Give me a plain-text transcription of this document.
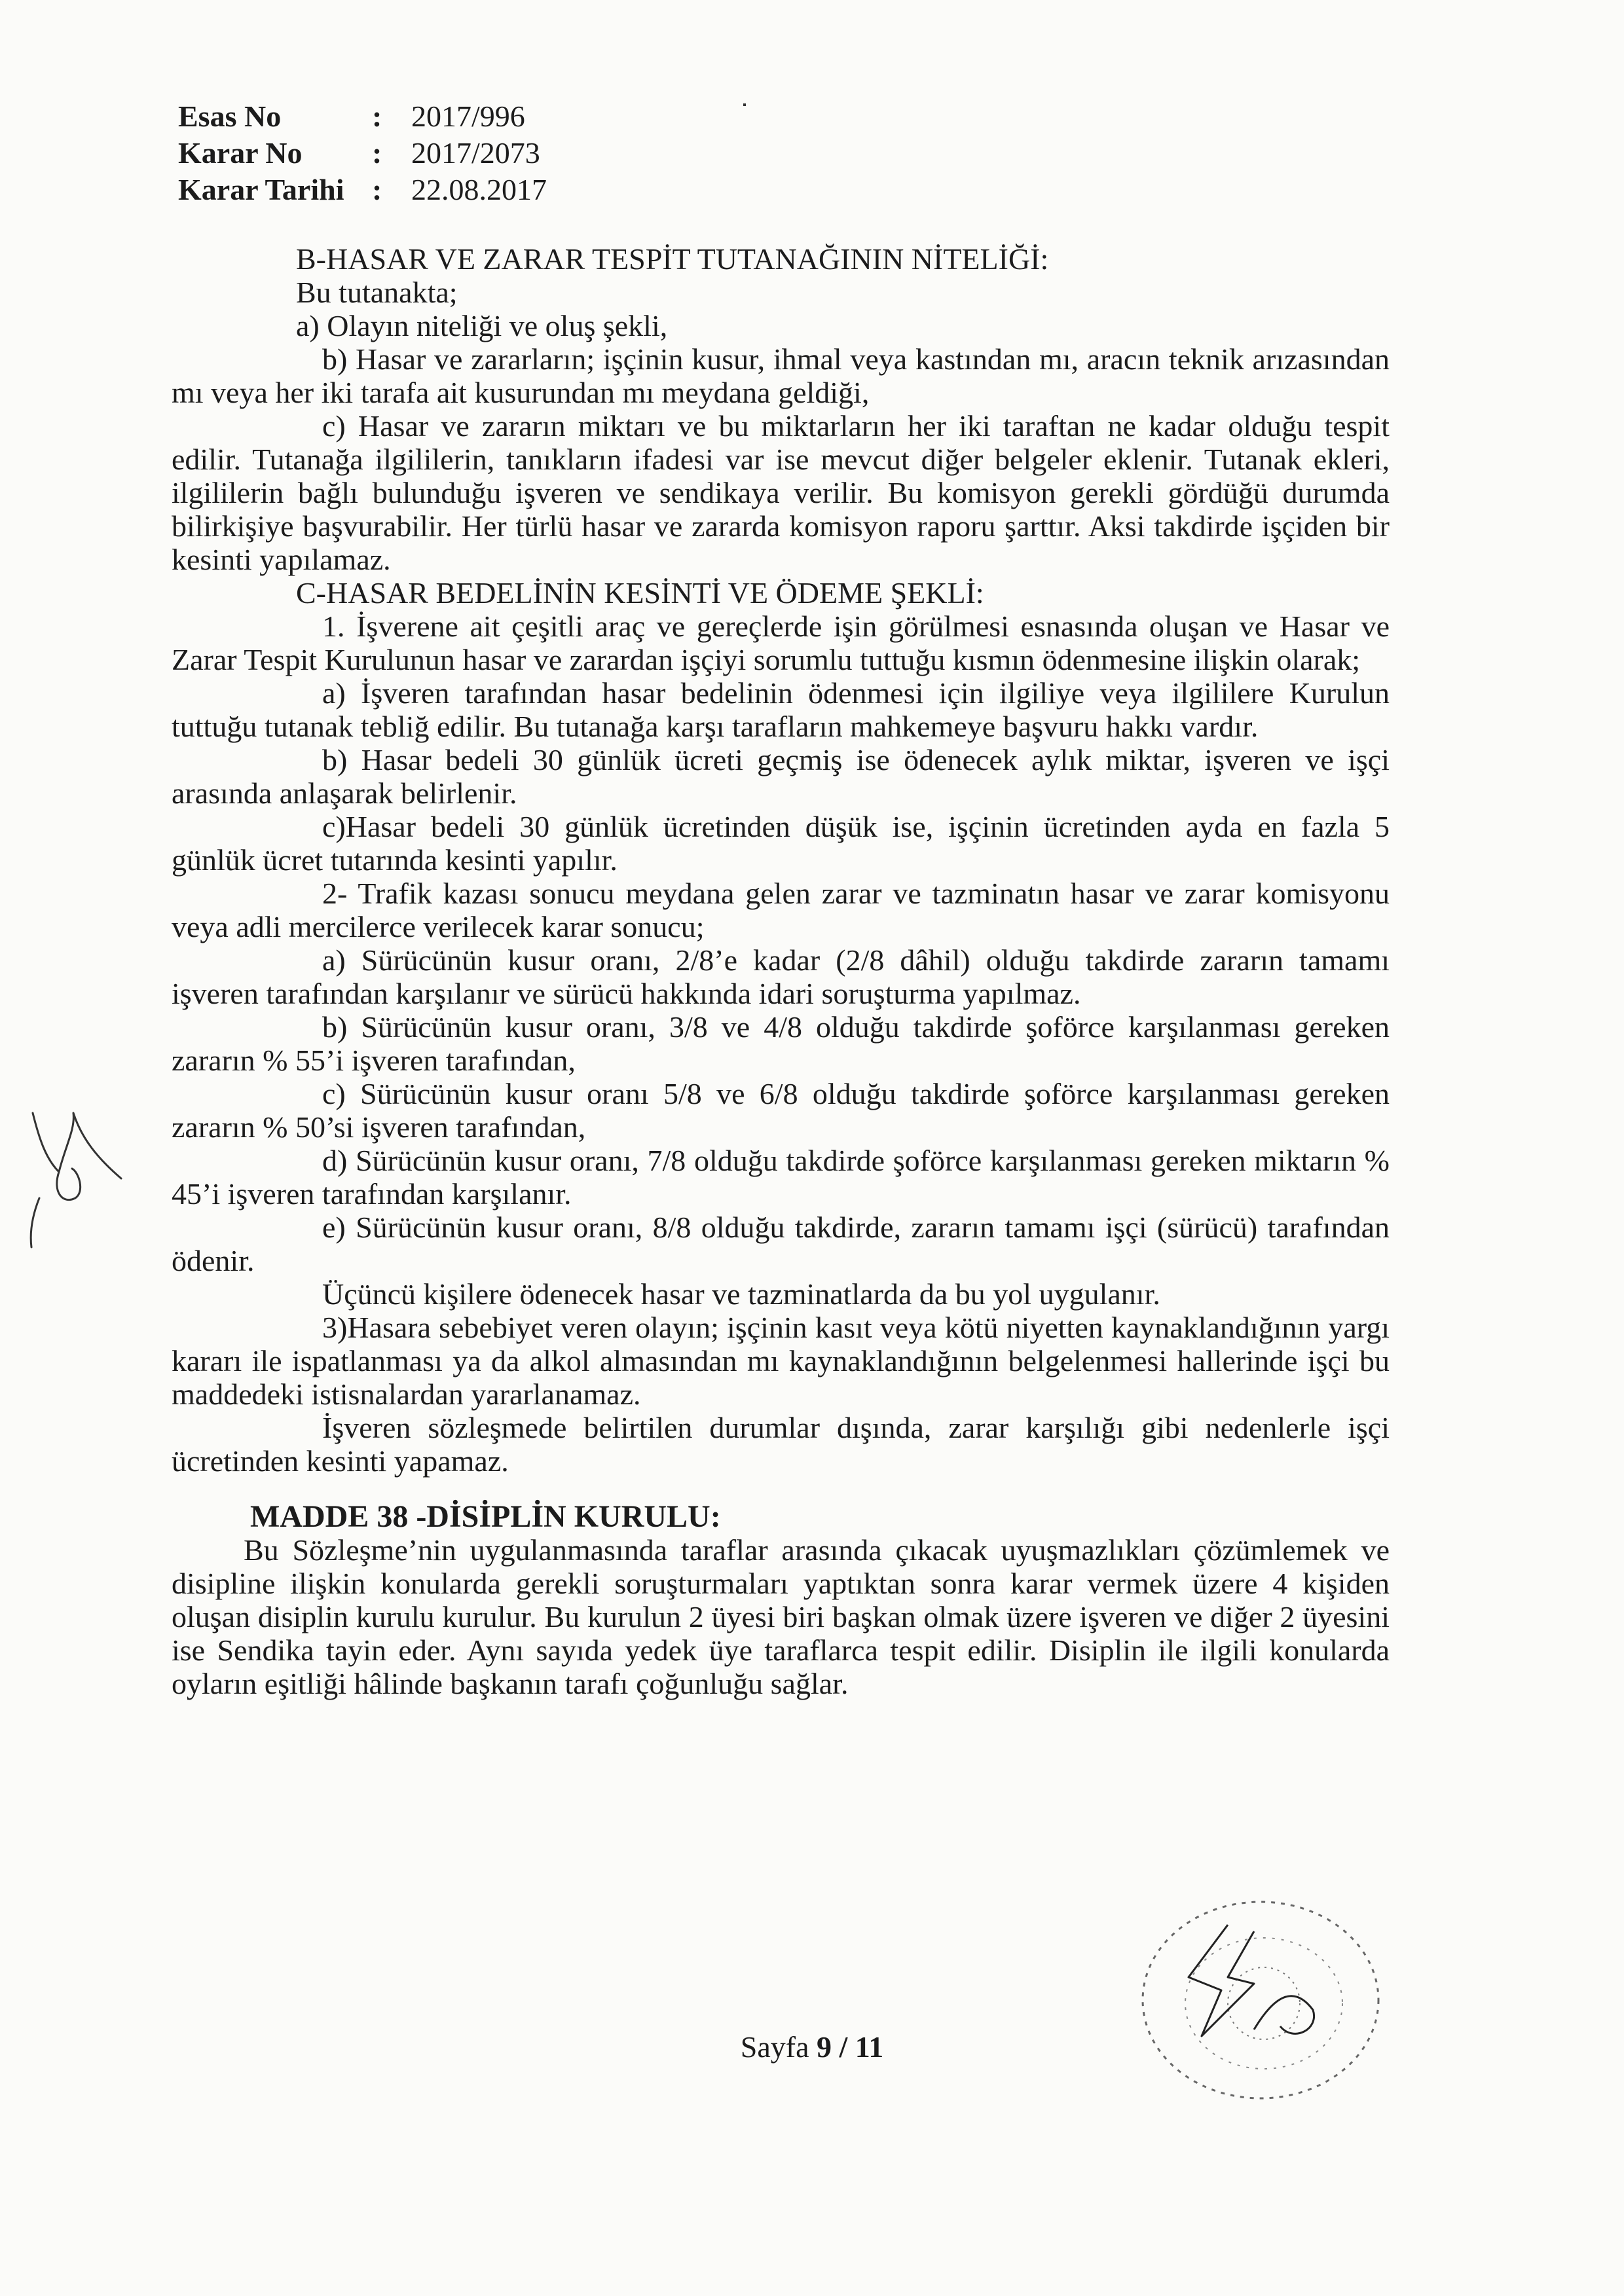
Esas No	: 2017/996
Karar No	: 2017/2073
Karar Tarihi : 22.08.2017

B-HASAR VE ZARAR TESPİT TUTANAĞININ NİTELİĞİ:

Bu tutanakta;

a) Olayın niteliği ve oluş şekli,

b) Hasar ve zararların; işçinin kusur, ihmal veya kastından mı, aracın teknik arızasından mı veya her iki tarafa ait kusurundan mı meydana geldiği,

c) Hasar ve zararın miktarı ve bu miktarların her iki taraftan ne kadar olduğu tespit edilir. Tutanağa ilgililerin, tanıkların ifadesi var ise mevcut diğer belgeler eklenir. Tutanak ekleri, ilgililerin bağlı bulunduğu işveren ve sendikaya verilir. Bu komisyon gerekli gördüğü durumda bilirkişiye başvurabilir. Her türlü hasar ve zararda komisyon raporu şarttır. Aksi takdirde işçiden bir kesinti yapılamaz.

C-HASAR BEDELİNİN KESİNTİ VE ÖDEME ŞEKLİ:

1. İşverene ait çeşitli araç ve gereçlerde işin görülmesi esnasında oluşan ve Hasar ve Zarar Tespit Kurulunun hasar ve zarardan işçiyi sorumlu tuttuğu kısmın ödenmesine ilişkin olarak;

a) İşveren tarafından hasar bedelinin ödenmesi için ilgiliye veya ilgililere Kurulun tuttuğu tutanak tebliğ edilir. Bu tutanağa karşı tarafların mahkemeye başvuru hakkı vardır.

b) Hasar bedeli 30 günlük ücreti geçmiş ise ödenecek aylık miktar, işveren ve işçi arasında anlaşarak belirlenir.

c)Hasar bedeli 30 günlük ücretinden düşük ise, işçinin ücretinden ayda en fazla 5 günlük ücret tutarında kesinti yapılır.

2- Trafik kazası sonucu meydana gelen zarar ve tazminatın hasar ve zarar komisyonu veya adli mercilerce verilecek karar sonucu;

a) Sürücünün kusur oranı, 2/8’e kadar (2/8 dâhil) olduğu takdirde zararın tamamı işveren tarafından karşılanır ve sürücü hakkında idari soruşturma yapılmaz.

b) Sürücünün kusur oranı, 3/8 ve 4/8 olduğu takdirde şoförce karşılanması gereken zararın % 55’i işveren tarafından,

c) Sürücünün kusur oranı 5/8 ve 6/8 olduğu takdirde şoförce karşılanması gereken zararın % 50’si işveren tarafından,

d) Sürücünün kusur oranı, 7/8 olduğu takdirde şoförce karşılanması gereken miktarın % 45’i işveren tarafından karşılanır.

e) Sürücünün kusur oranı, 8/8 olduğu takdirde, zararın tamamı işçi (sürücü) tarafından ödenir.

Üçüncü kişilere ödenecek hasar ve tazminatlarda da bu yol uygulanır.

3)Hasara sebebiyet veren olayın; işçinin kasıt veya kötü niyetten kaynaklandığının yargı kararı ile ispatlanması ya da alkol almasından mı kaynaklandığının belgelenmesi hallerinde işçi bu maddedeki istisnalardan yararlanamaz.

İşveren sözleşmede belirtilen durumlar dışında, zarar karşılığı gibi nedenlerle işçi ücretinden kesinti yapamaz.

MADDE 38 -DİSİPLİN KURULU:

Bu Sözleşme’nin uygulanmasında taraflar arasında çıkacak uyuşmazlıkları çözümlemek ve disipline ilişkin konularda gerekli soruşturmaları yaptıktan sonra karar vermek üzere 4 kişiden oluşan disiplin kurulu kurulur. Bu kurulun 2 üyesi biri başkan olmak üzere işveren ve diğer 2 üyesini ise Sendika tayin eder. Aynı sayıda yedek üye taraflarca tespit edilir. Disiplin ile ilgili konularda oyların eşitliği hâlinde başkanın tarafı çoğunluğu sağlar.

Sayfa 9 / 11
